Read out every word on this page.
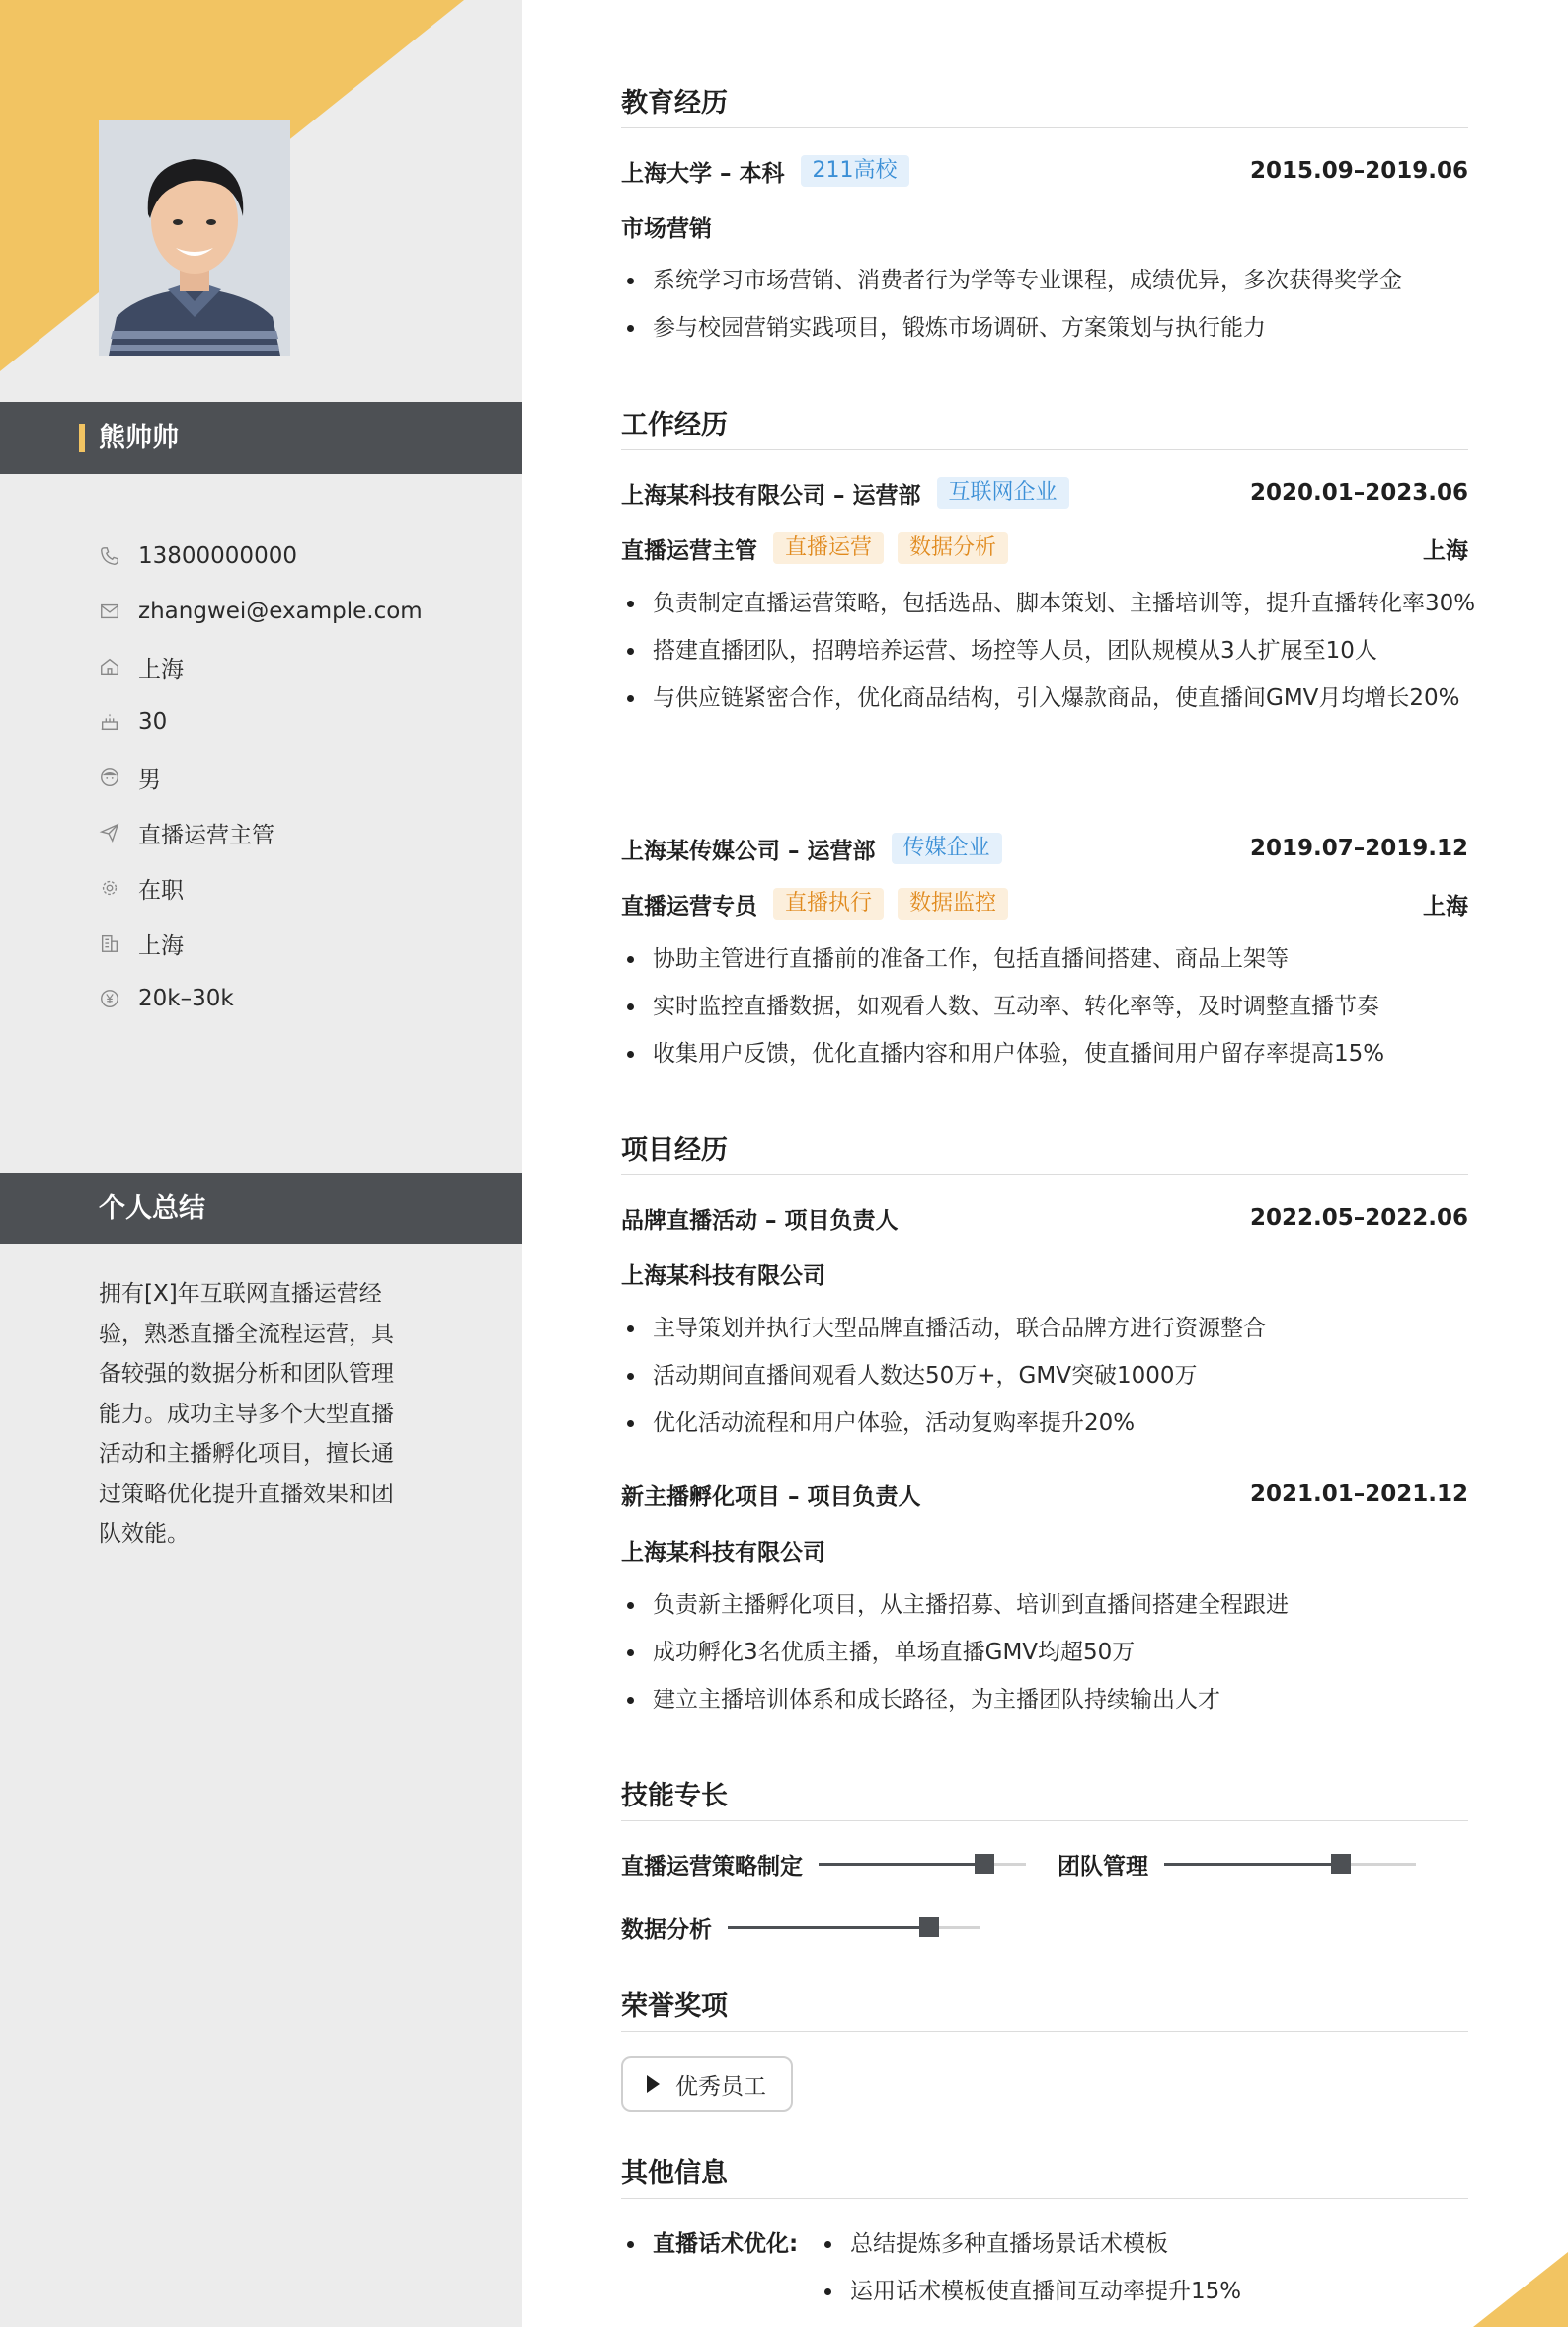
熊帅帅
13800000000
zhangwei@example.com
上海
30
男
直播运营主管
在职
上海
20k–30k
个人总结
拥有[X]年互联网直播运营经验，熟悉直播全流程运营，具备较强的数据分析和团队管理能力。成功主导多个大型直播活动和主播孵化项目，擅长通过策略优化提升直播效果和团队效能。
教育经历
上海大学 – 本科	211高校	2015.09–2019.06
市场营销
系统学习市场营销、消费者行为学等专业课程，成绩优异，多次获得奖学金
参与校园营销实践项目，锻炼市场调研、方案策划与执行能力
工作经历
上海某科技有限公司 – 运营部	互联网企业	2020.01–2023.06
直播运营主管	直播运营	数据分析	上海
负责制定直播运营策略，包括选品、脚本策划、主播培训等，提升直播转化率30%
搭建直播团队，招聘培养运营、场控等人员，团队规模从3人扩展至10人
与供应链紧密合作，优化商品结构，引入爆款商品，使直播间GMV月均增长20%
上海某传媒公司 – 运营部	传媒企业	2019.07–2019.12
直播运营专员	直播执行	数据监控	上海
协助主管进行直播前的准备工作，包括直播间搭建、商品上架等
实时监控直播数据，如观看人数、互动率、转化率等，及时调整直播节奏
收集用户反馈，优化直播内容和用户体验，使直播间用户留存率提高15%
项目经历
品牌直播活动 – 项目负责人	2022.05–2022.06
上海某科技有限公司
主导策划并执行大型品牌直播活动，联合品牌方进行资源整合
活动期间直播间观看人数达50万+，GMV突破1000万
优化活动流程和用户体验，活动复购率提升20%
新主播孵化项目 – 项目负责人	2021.01–2021.12
上海某科技有限公司
负责新主播孵化项目，从主播招募、培训到直播间搭建全程跟进
成功孵化3名优质主播，单场直播GMV均超50万
建立主播培训体系和成长路径，为主播团队持续输出人才
技能专长
直播运营策略制定	团队管理
数据分析
荣誉奖项
优秀员工
其他信息
直播话术优化:	总结提炼多种直播场景话术模板
运用话术模板使直播间互动率提升15%
